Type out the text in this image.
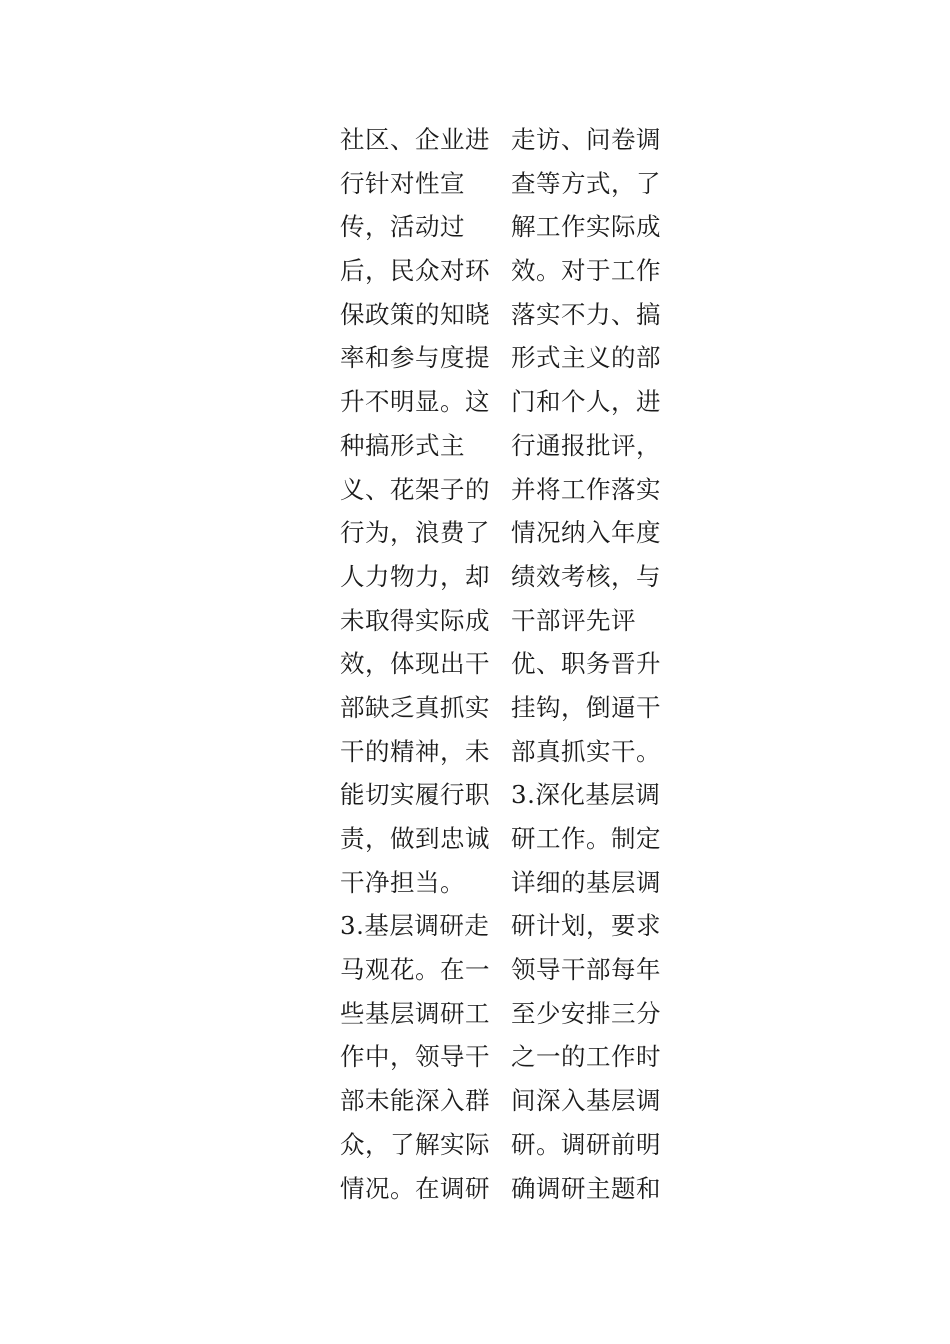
社区、企业进
行针对性宣
传，活动过
后，民众对环
保政策的知晓
率和参与度提
升不明显。这
种搞形式主
义、花架子的
行为，浪费了
人力物力，却
未取得实际成
效，体现出干
部缺乏真抓实
干的精神，未
能切实履行职
责，做到忠诚
干净担当。
3.基层调研走
马观花。在一
些基层调研工
作中，领导干
部未能深入群
众，了解实际
情况。在调研
走访、问卷调
查等方式，了
解工作实际成
效。对于工作
落实不力、搞
形式主义的部
门和个人，进
行通报批评，
并将工作落实
情况纳入年度
绩效考核，与
干部评先评
优、职务晋升
挂钩，倒逼干
部真抓实干。
3.深化基层调
研工作。制定
详细的基层调
研计划，要求
领导干部每年
至少安排三分
之一的工作时
间深入基层调
研。调研前明
确调研主题和
